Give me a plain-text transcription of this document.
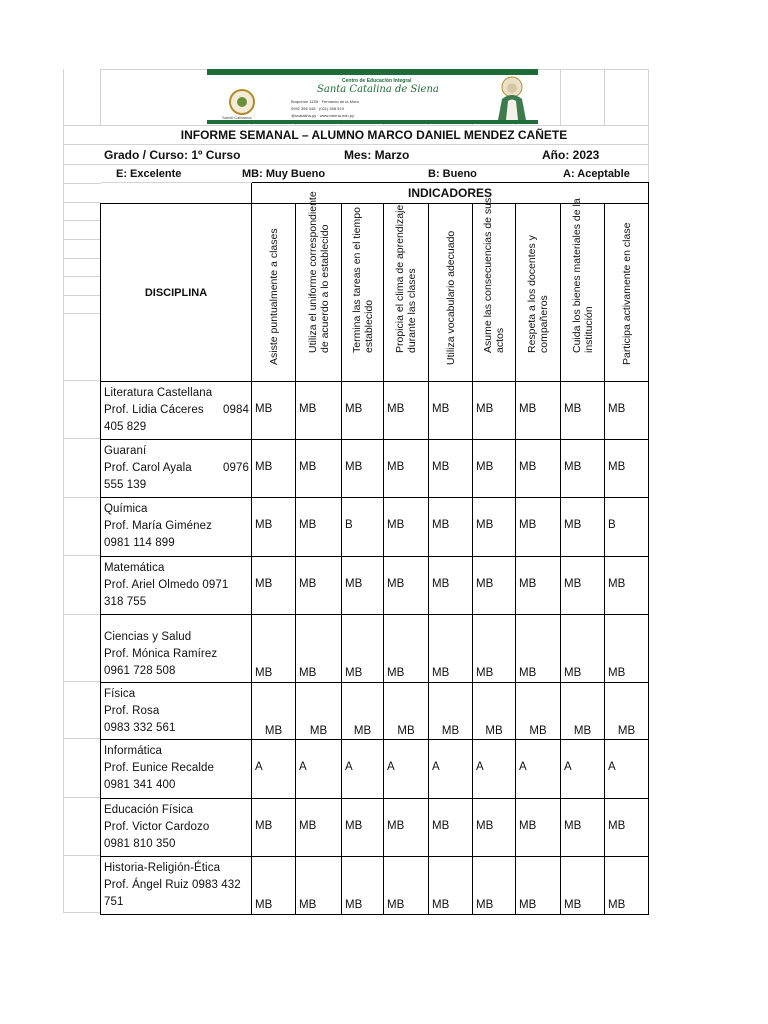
Sancti Catharina
Centro de Educación Integral
Santa Catalina de Siena
Boquerón 1155 · Fernando de la Mora
0992 356 348 · (021) 508 519
@scatalina.py · www.csiena.edu.py
INFORME SEMANAL – ALUMNO MARCO DANIEL MENDEZ CAÑETE
Grado / Curso: 1º Curso	Mes: Marzo	Año: 2023
E: Excelente	MB: Muy Bueno	B: Bueno	A: Aceptable
	INDICADORES								
DISCIPLINA	Asiste puntualmente a clases	Utiliza el uniforme correspondiente de acuerdo a lo establecido	Termina las tareas en el tiempo establecido	Propicia el clima de aprendizaje durante las clases	Utiliza vocabulario adecuado	Asume las consecuencias de sus actos	Respeta a los docentes y compañeros	Cuida los bienes materiales de la institución	Participa activamente en clase

Literatura Castellana
Prof. Lidia Cáceres 0984
405 829	MB	MB	MB	MB	MB	MB	MB	MB	MB

Guaraní
Prof. Carol Ayala 0976
555 139	MB	MB	MB	MB	MB	MB	MB	MB	MB

Química
Prof. María Giménez
0981 114 899	MB	MB	B	MB	MB	MB	MB	MB	B

Matemática
Prof. Ariel Olmedo 0971
318 755	MB	MB	MB	MB	MB	MB	MB	MB	MB

Ciencias y Salud
Prof. Mónica Ramírez
0961 728 508	MB	MB	MB	MB	MB	MB	MB	MB	MB

Física
Prof. Rosa
0983 332 561	MB	MB	MB	MB	MB	MB	MB	MB	MB

Informática
Prof. Eunice Recalde
0981 341 400	A	A	A	A	A	A	A	A	A

Educación Física
Prof. Victor Cardozo
0981 810 350	MB	MB	MB	MB	MB	MB	MB	MB	MB

Historia-Religión-Ética
Prof. Ángel Ruiz 0983 432
751	MB	MB	MB	MB	MB	MB	MB	MB	MB
